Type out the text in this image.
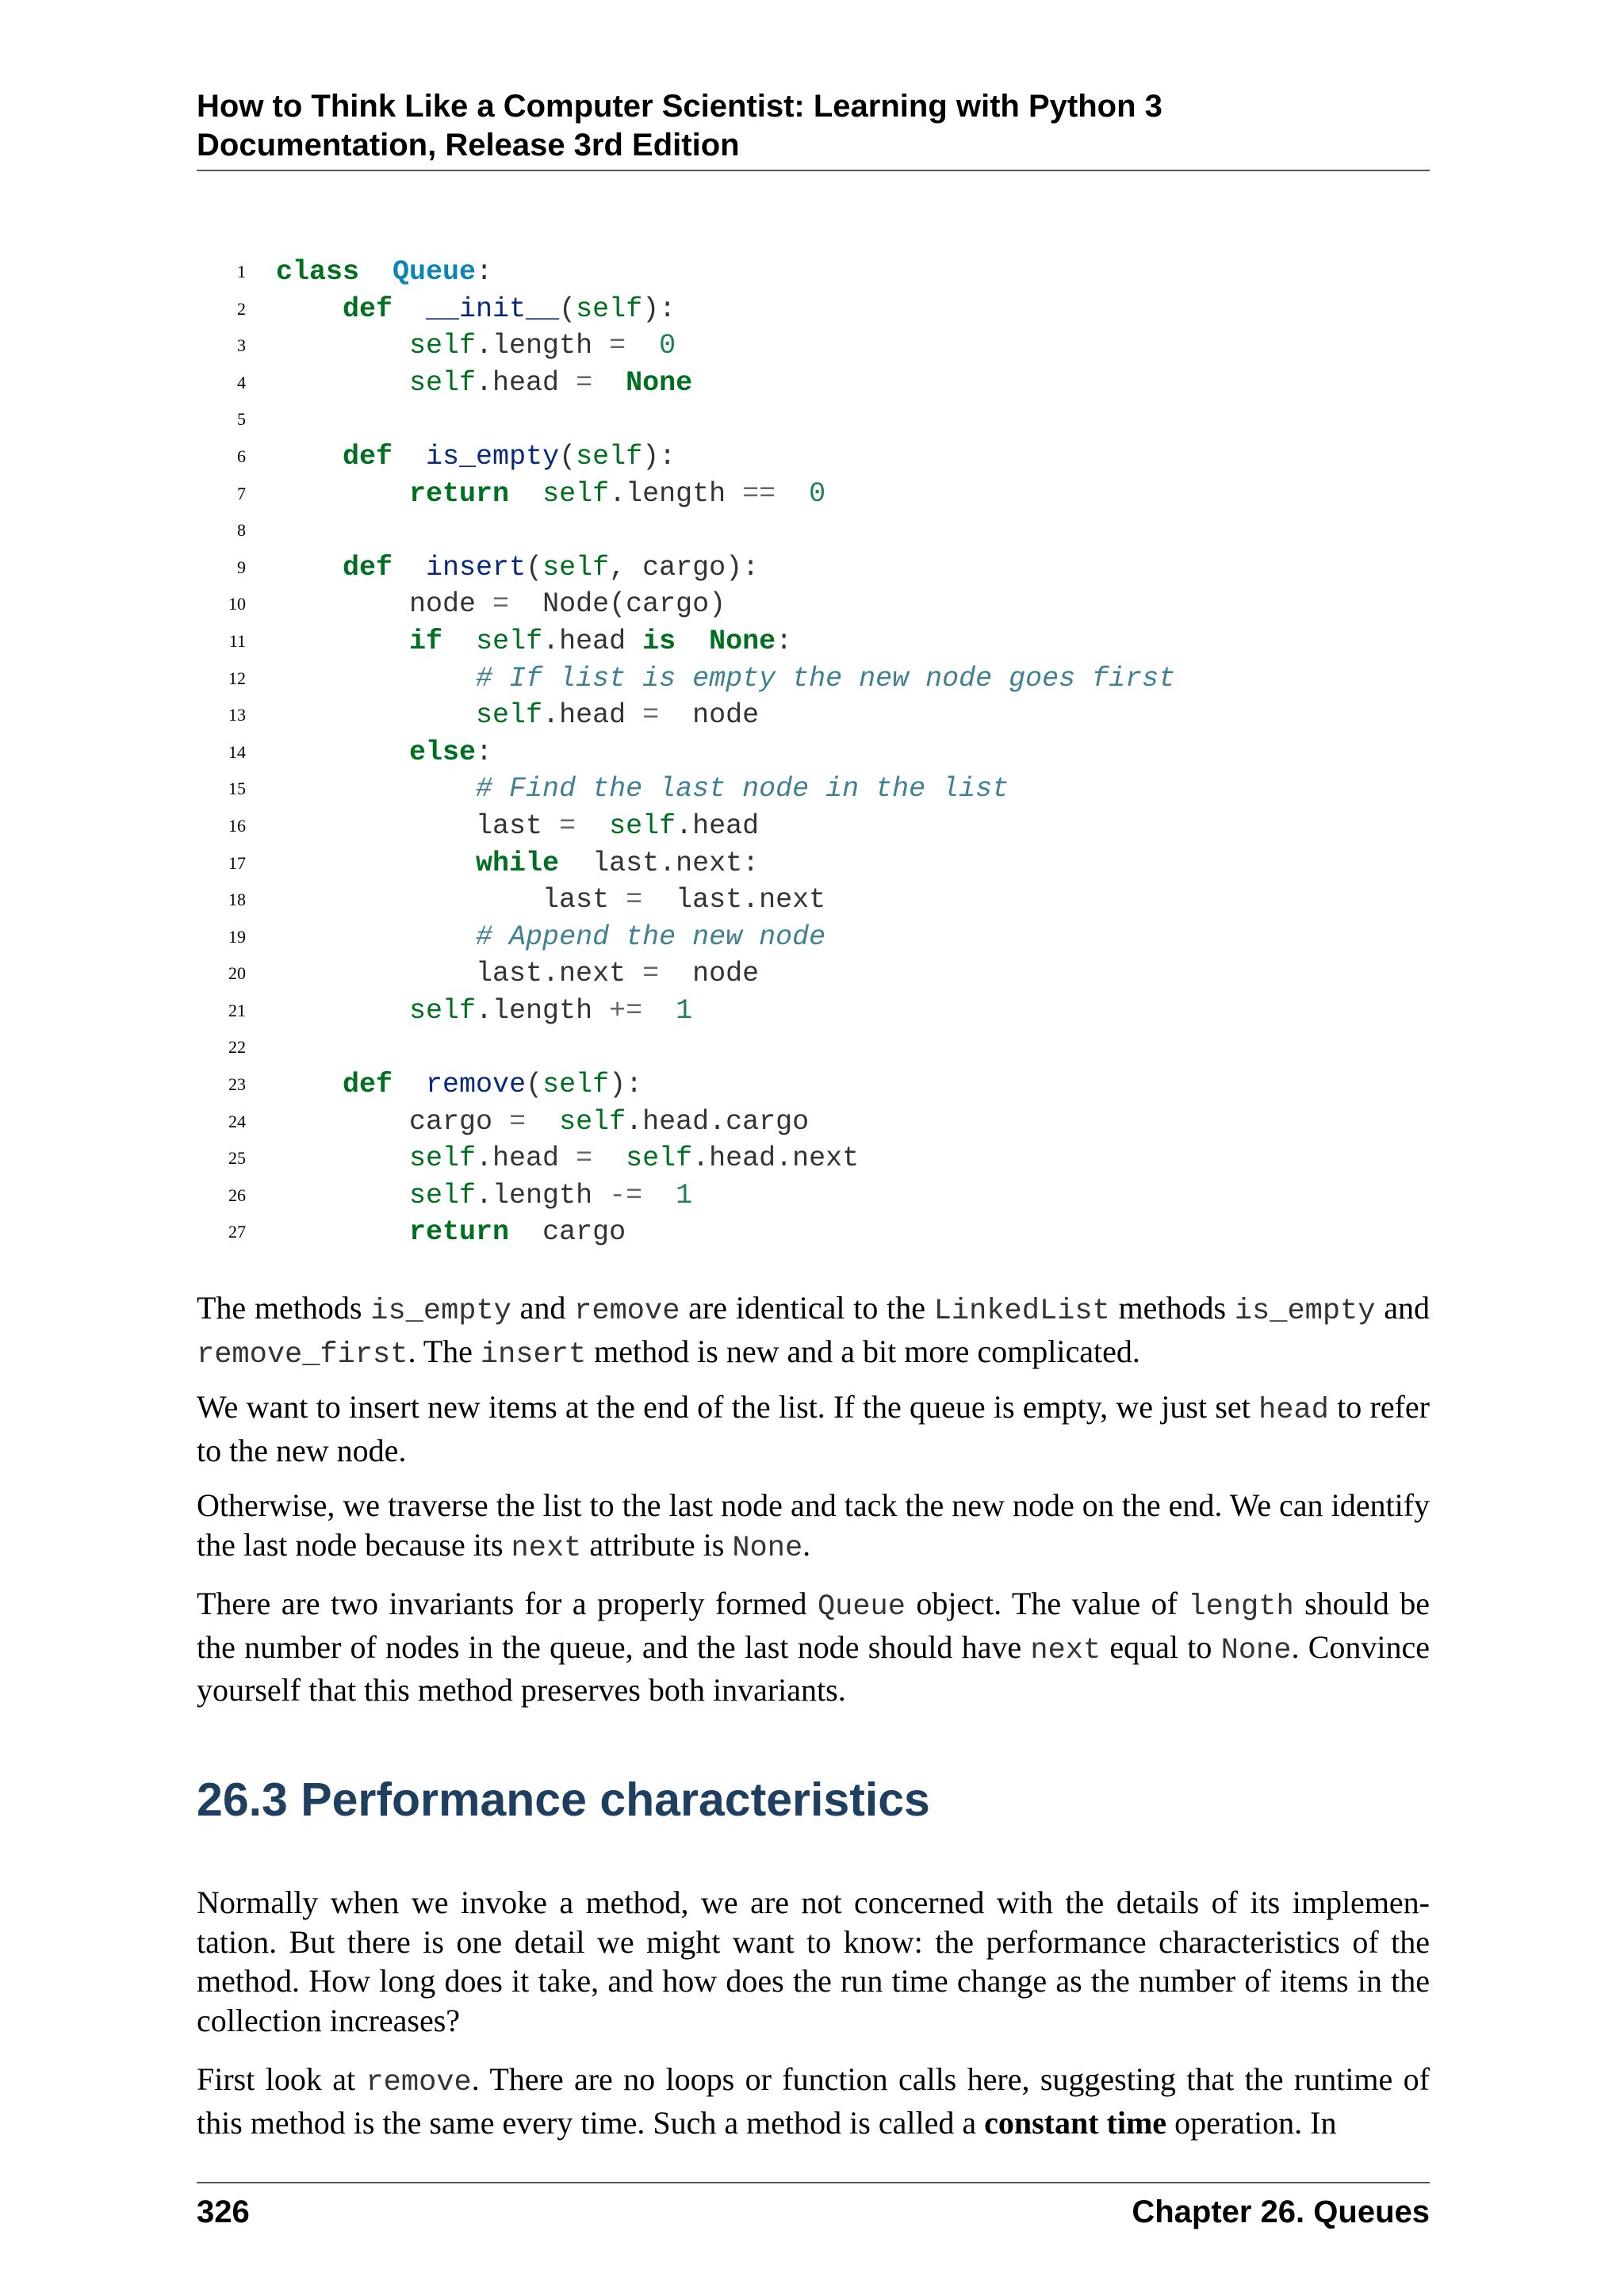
How to Think Like a Computer Scientist: Learning with Python 3
Documentation, Release 3rd Edition
1 class Queue:
2	def __init__(self):
3	self.length = 0
4	self.head = None
5
6	def is_empty(self):
7	return self.length == 0
8
9	def insert(self, cargo):
10 node =  Node(cargo)
11	if self.head is None:
12	# If list is empty the new node goes first
13	self.head =  node
14	else:
15	# Find the last node in the list
16 last = self.head
17	while  last.next:
18 last =  last.next
19	# Append the new node
20 last.next =  node
21	self.length += 1
22
23	def remove(self):
24 cargo = self.head.cargo
25	self.head = self.head.next
26	self.length -= 1
27	return  cargo

The methods is_empty and remove are identical to the LinkedList methods is_empty and remove_first. The insert method is new and a bit more complicated.

We want to insert new items at the end of the list. If the queue is empty, we just set head to refer to the new node.

Otherwise, we traverse the list to the last node and tack the new node on the end. We can identify the last node because its next attribute is None.

There are two invariants for a properly formed Queue object. The value of length should be the number of nodes in the queue, and the last node should have next equal to None. Convince yourself that this method preserves both invariants.

26.3 Performance characteristics

Normally when we invoke a method, we are not concerned with the details of its implemen-tation. But there is one detail we might want to know: the performance characteristics of the method. How long does it take, and how does the run time change as the number of items in the collection increases?

First look at remove. There are no loops or function calls here, suggesting that the runtime of this method is the same every time. Such a method is called a constant time operation. In

326	Chapter 26. Queues
